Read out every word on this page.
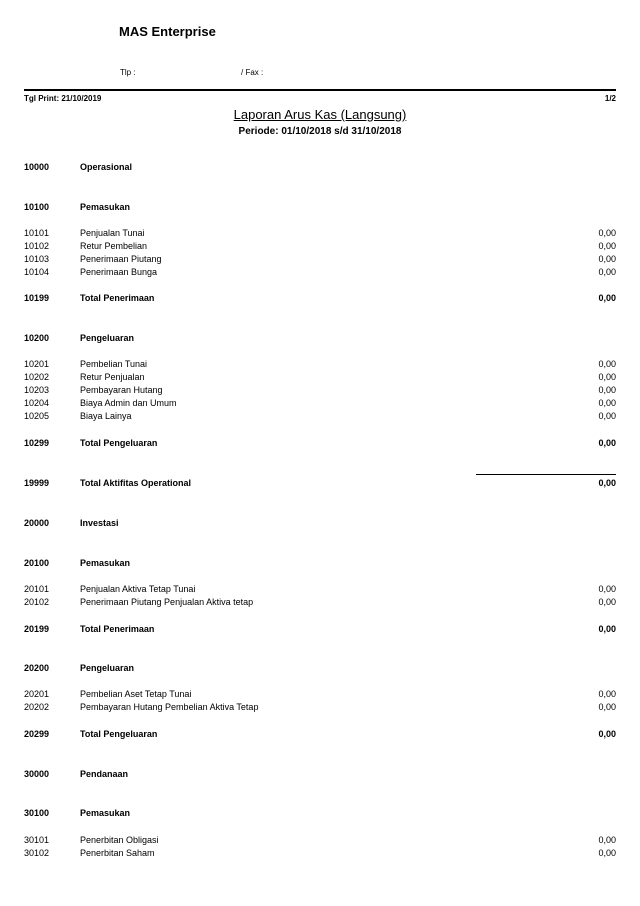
MAS Enterprise
Tlp :	/ Fax :
Tgl Print: 21/10/2019	1/2
Laporan Arus Kas (Langsung)
Periode: 01/10/2018 s/d 31/10/2018
10000	Operasional
10100	Pemasukan
10101	Penjualan Tunai	0,00
10102	Retur Pembelian	0,00
10103	Penerimaan Piutang	0,00
10104	Penerimaan Bunga	0,00
10199	Total Penerimaan	0,00
10200	Pengeluaran
10201	Pembelian Tunai	0,00
10202	Retur Penjualan	0,00
10203	Pembayaran Hutang	0,00
10204	Biaya Admin dan Umum	0,00
10205	Biaya Lainya	0,00
10299	Total Pengeluaran	0,00
19999	Total Aktifitas Operational	0,00
20000	Investasi
20100	Pemasukan
20101	Penjualan Aktiva Tetap Tunai	0,00
20102	Penerimaan Piutang Penjualan Aktiva tetap	0,00
20199	Total Penerimaan	0,00
20200	Pengeluaran
20201	Pembelian Aset Tetap Tunai	0,00
20202	Pembayaran Hutang Pembelian Aktiva Tetap	0,00
20299	Total Pengeluaran	0,00
30000	Pendanaan
30100	Pemasukan
30101	Penerbitan Obligasi	0,00
30102	Penerbitan Saham	0,00
